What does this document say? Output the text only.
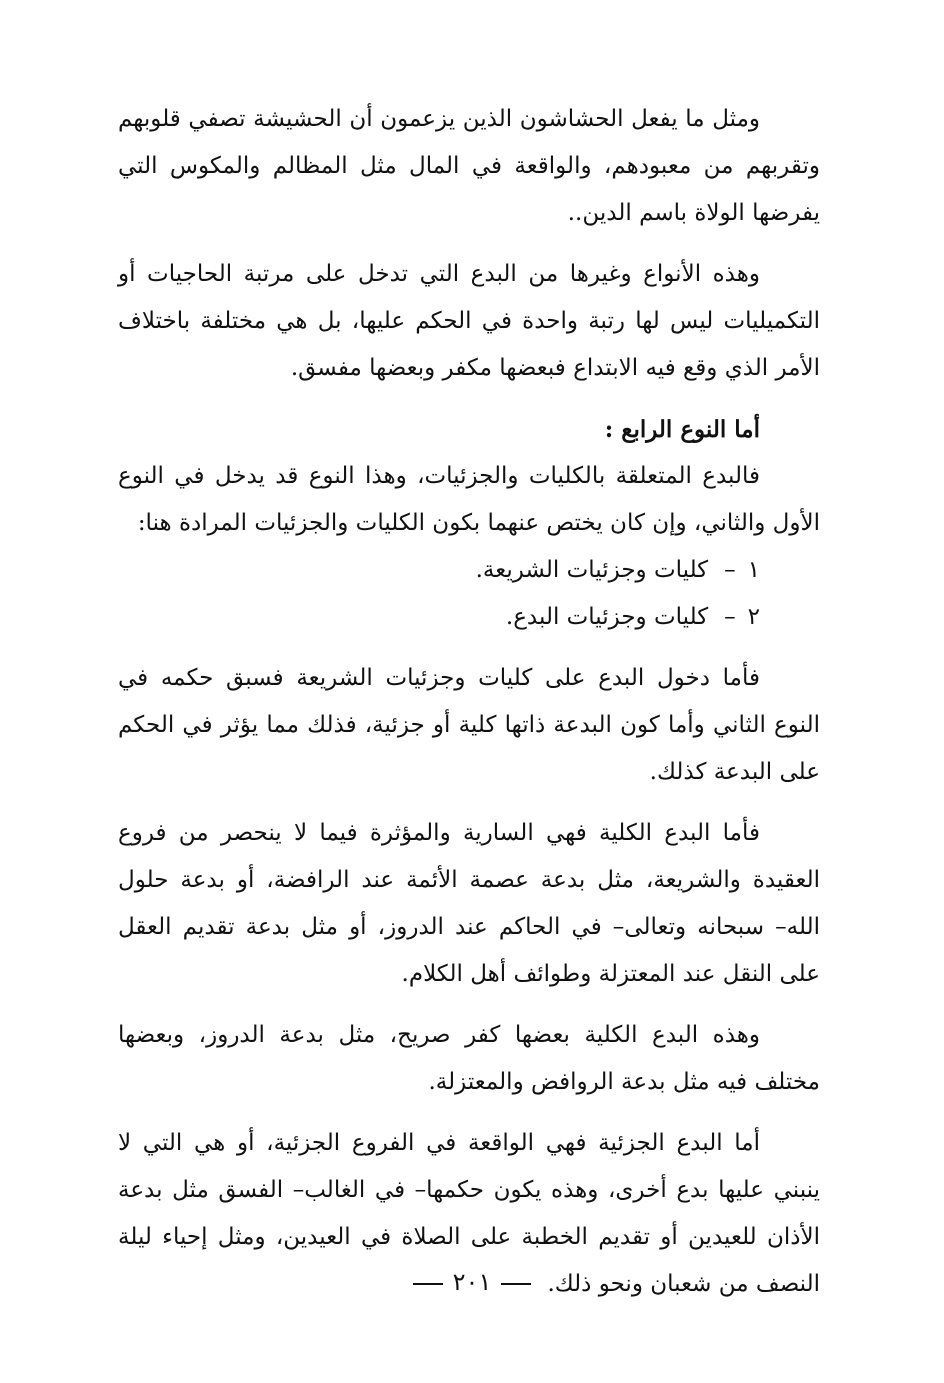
ومثل ما يفعل الحشاشون الذين يزعمون أن الحشيشة تصفي قلوبهم وتقربهم من معبودهم، والواقعة في المال مثل المظالم والمكوس التي يفرضها الولاة باسم الدين..

وهذه الأنواع وغيرها من البدع التي تدخل على مرتبة الحاجيات أو التكميليات ليس لها رتبة واحدة في الحكم عليها، بل هي مختلفة باختلاف الأمر الذي وقع فيه الابتداع فبعضها مكفر وبعضها مفسق.

أما النوع الرابع :

فالبدع المتعلقة بالكليات والجزئيات، وهذا النوع قد يدخل في النوع الأول والثاني، وإن كان يختص عنهما بكون الكليات والجزئيات المرادة هنا:

١–كليات وجزئيات الشريعة.
٢–كليات وجزئيات البدع.

فأما دخول البدع على كليات وجزئيات الشريعة فسبق حكمه في النوع الثاني وأما كون البدعة ذاتها كلية أو جزئية، فذلك مما يؤثر في الحكم على البدعة كذلك.

فأما البدع الكلية فهي السارية والمؤثرة فيما لا ينحصر من فروع العقيدة والشريعة، مثل بدعة عصمة الأئمة عند الرافضة، أو بدعة حلول الله– سبحانه وتعالى– في الحاكم عند الدروز، أو مثل بدعة تقديم العقل على النقل عند المعتزلة وطوائف أهل الكلام.

وهذه البدع الكلية بعضها كفر صريح، مثل بدعة الدروز، وبعضها مختلف فيه مثل بدعة الروافض والمعتزلة.

أما البدع الجزئية فهي الواقعة في الفروع الجزئية، أو هي التي لا ينبني عليها بدع أخرى، وهذه يكون حكمها– في الغالب– الفسق مثل بدعة الأذان للعيدين أو تقديم الخطبة على الصلاة في العيدين، ومثل إحياء ليلة النصف من شعبان ونحو ذلك.

٢٠١
